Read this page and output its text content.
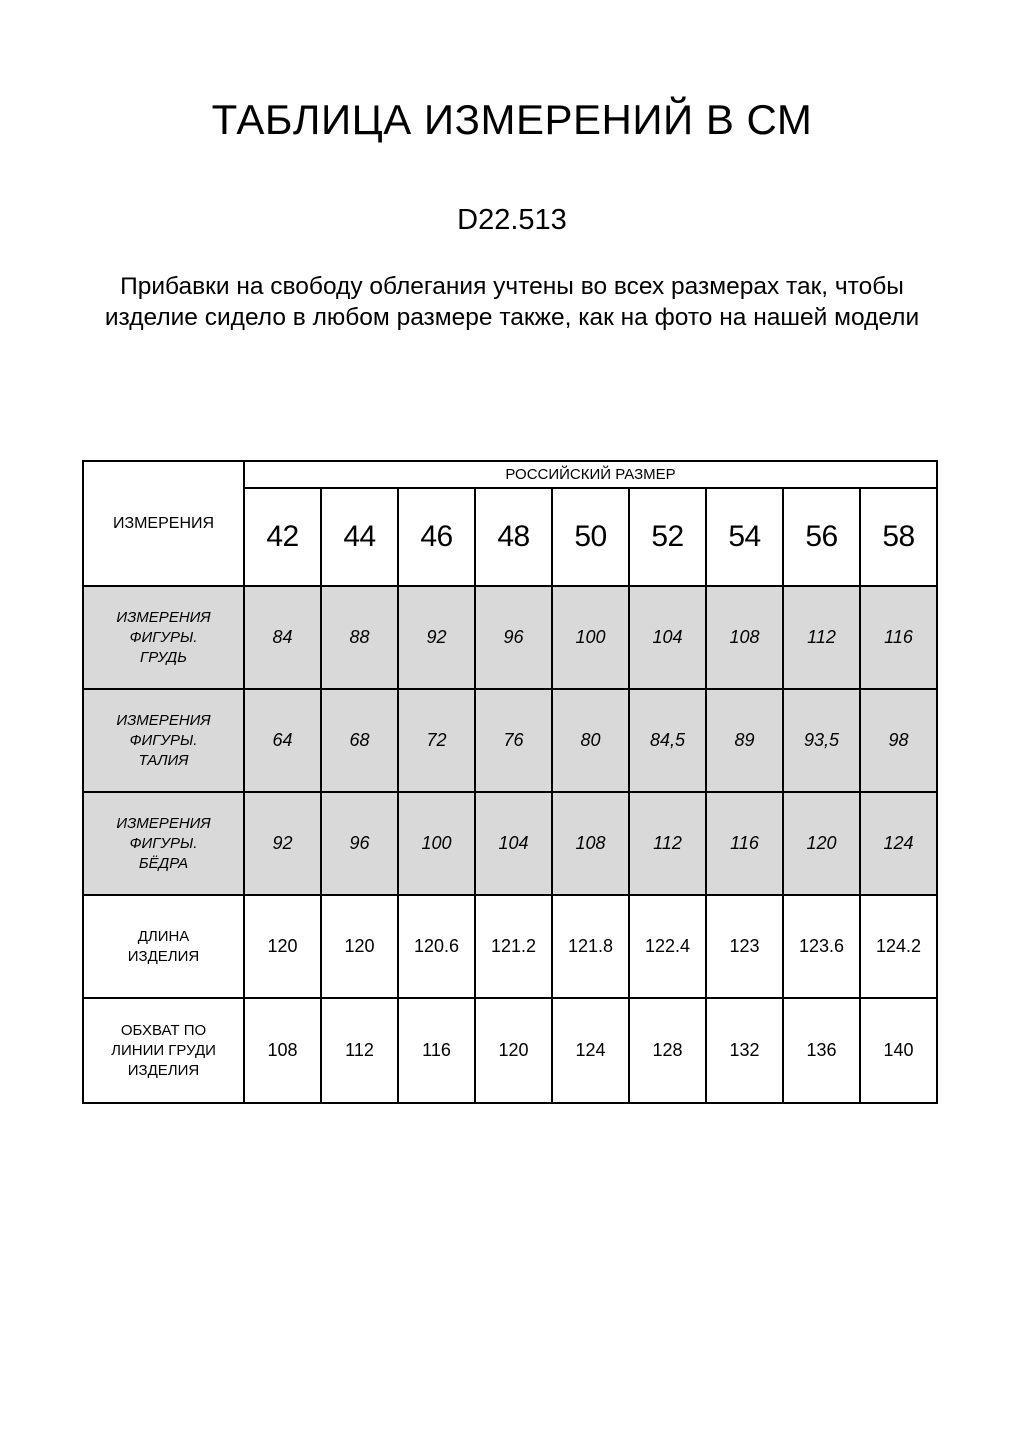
ТАБЛИЦА ИЗМЕРЕНИЙ В СМ
D22.513
Прибавки на свободу облегания учтены во всех размерах так, чтобы изделие сидело в любом размере также, как на фото на нашей модели
ИЗМЕРЕНИЯ	РОССИЙСКИЙ РАЗМЕР								
	42	44	46	48	50	52	54	56	58
ИЗМЕРЕНИЯ ФИГУРЫ. ГРУДЬ	84	88	92	96	100	104	108	112	116
ИЗМЕРЕНИЯ ФИГУРЫ. ТАЛИЯ	64	68	72	76	80	84,5	89	93,5	98
ИЗМЕРЕНИЯ ФИГУРЫ. БЁДРА	92	96	100	104	108	112	116	120	124
ДЛИНА ИЗДЕЛИЯ	120	120	120.6	121.2	121.8	122.4	123	123.6	124.2
ОБХВАТ ПО ЛИНИИ ГРУДИ ИЗДЕЛИЯ	108	112	116	120	124	128	132	136	140
